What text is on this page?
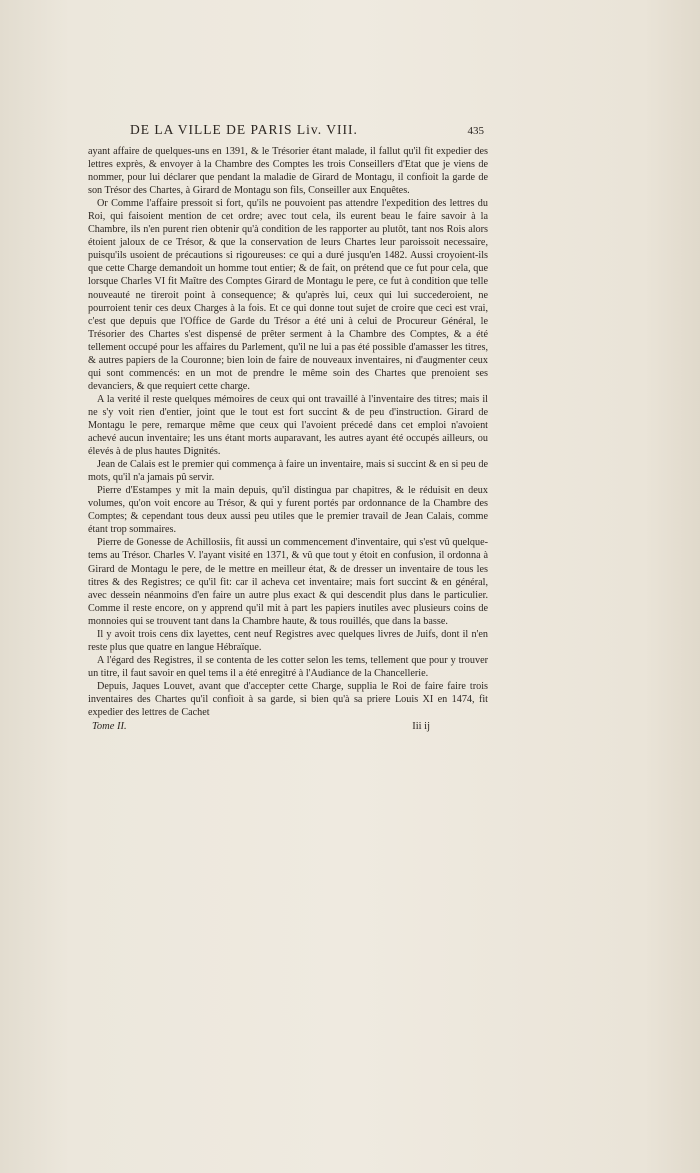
DE LA VILLE DE PARIS Liv. VIII.	435

ayant affaire de quelques-uns en 1391, & le Trésorier étant malade, il fallut qu'il fit expedier des lettres exprès, & envoyer à la Chambre des Comptes les trois Conseillers d'Etat que je viens de nommer, pour lui déclarer que pendant la maladie de Girard de Montagu, il confioit la garde de son Trésor des Chartes, à Girard de Montagu son fils, Conseiller aux Enquêtes.

Or Comme l'affaire pressoit si fort, qu'ils ne pouvoient pas attendre l'expedition des lettres du Roi, qui faisoient mention de cet ordre; avec tout cela, ils eurent beau le faire savoir à la Chambre, ils n'en purent rien obtenir qu'à condition de les rapporter au plutôt, tant nos Rois alors étoient jaloux de ce Trésor, & que la conservation de leurs Chartes leur paroissoit necessaire, puisqu'ils usoient de précautions si rigoureuses: ce qui a duré jusqu'en 1482. Aussi croyoient-ils que cette Charge demandoit un homme tout entier; & de fait, on prétend que ce fut pour cela, que lorsque Charles VI fit Maître des Comptes Girard de Montagu le pere, ce fut à condition que telle nouveauté ne tireroit point à consequence; & qu'après lui, ceux qui lui succederoient, ne pourroient tenir ces deux Charges à la fois. Et ce qui donne tout sujet de croire que ceci est vrai, c'est que depuis que l'Office de Garde du Trésor a été uni à celui de Procureur Général, le Trésorier des Chartes s'est dispensé de prêter serment à la Chambre des Comptes, & a été tellement occupé pour les affaires du Parlement, qu'il ne lui a pas été possible d'amasser les titres, & autres papiers de la Couronne; bien loin de faire de nouveaux inventaires, ni d'augmenter ceux qui sont commencés: en un mot de prendre le même soin des Chartes que prenoient ses devanciers, & que requiert cette charge.

A la verité il reste quelques mémoires de ceux qui ont travaillé à l'inventaire des titres; mais il ne s'y voit rien d'entier, joint que le tout est fort succint & de peu d'instruction. Girard de Montagu le pere, remarque même que ceux qui l'avoient précedé dans cet emploi n'avoient achevé aucun inventaire; les uns étant morts auparavant, les autres ayant été occupés ailleurs, ou élevés à de plus hautes Dignités.

Jean de Calais est le premier qui commença à faire un inventaire, mais si succint & en si peu de mots, qu'il n'a jamais pû servir.

Pierre d'Estampes y mit la main depuis, qu'il distingua par chapitres, & le réduisit en deux volumes, qu'on voit encore au Trésor, & qui y furent portés par ordonnance de la Chambre des Comptes; & cependant tous deux aussi peu utiles que le premier travail de Jean Calais, comme étant trop sommaires.

Pierre de Gonesse de Achillosiis, fit aussi un commencement d'inventaire, qui s'est vû quelque-tems au Trésor. Charles V. l'ayant visité en 1371, & vû que tout y étoit en confusion, il ordonna à Girard de Montagu le pere, de le mettre en meilleur état, & de dresser un inventaire de tous les titres & des Registres; ce qu'il fit: car il acheva cet inventaire; mais fort succint & en général, avec dessein néanmoins d'en faire un autre plus exact & qui descendit plus dans le particulier. Comme il reste encore, on y apprend qu'il mit à part les papiers inutiles avec plusieurs coins de monnoies qui se trouvent tant dans la Chambre haute, & tous rouillés, que dans la basse.

Il y avoit trois cens dix layettes, cent neuf Registres avec quelques livres de Juifs, dont il n'en reste plus que quatre en langue Hébraïque.

A l'égard des Registres, il se contenta de les cotter selon les tems, tellement que pour y trouver un titre, il faut savoir en quel tems il a été enregitré à l'Audiance de la Chancellerie.

Depuis, Jaques Louvet, avant que d'accepter cette Charge, supplia le Roi de faire faire trois inventaires des Chartes qu'il confioit à sa garde, si bien qu'à sa priere Louis XI en 1474, fit expedier des lettres de Cachet

Tome II.	Iii ij
